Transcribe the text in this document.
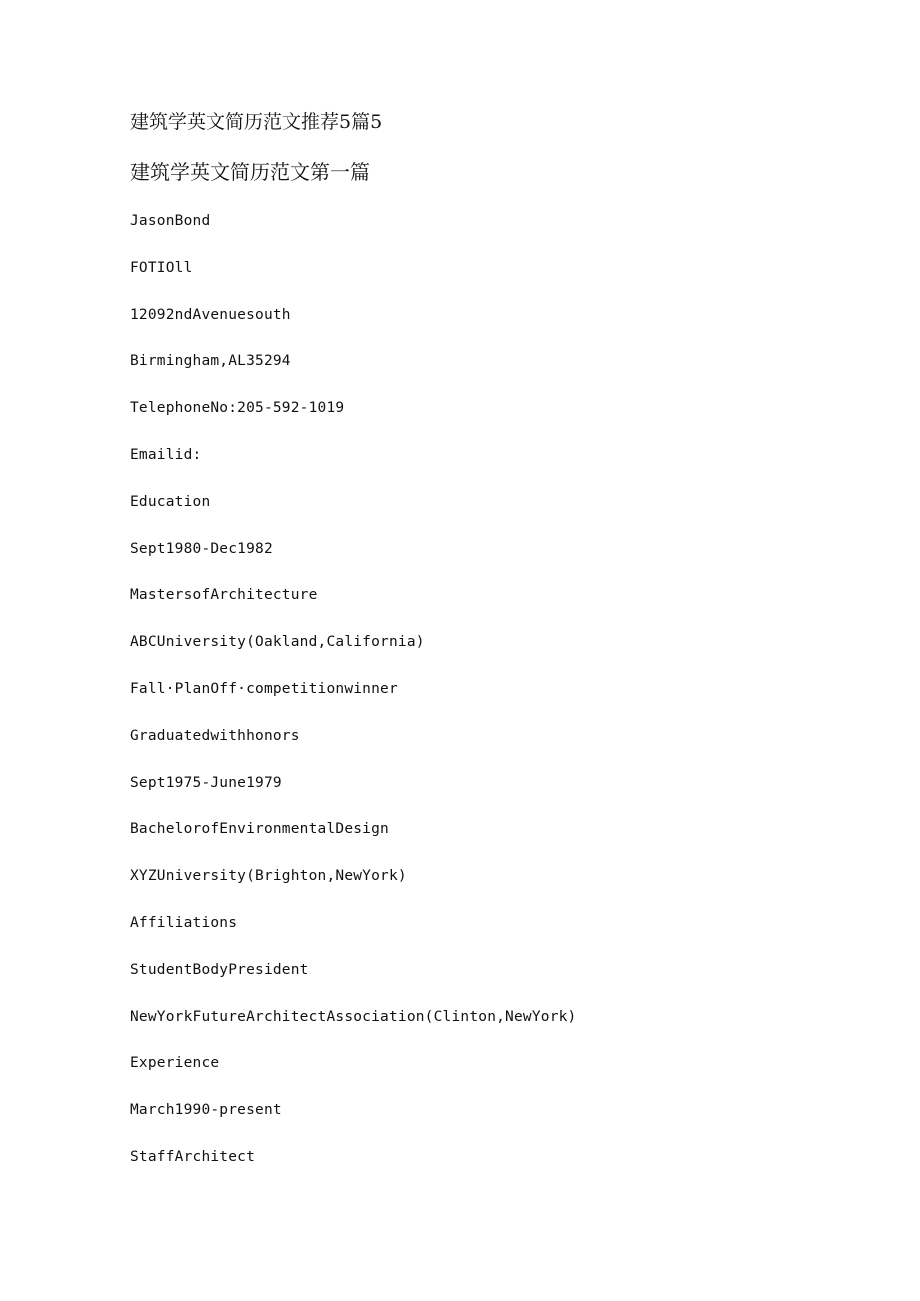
建筑学英文简历范文推荐5篇5
建筑学英文简历范文第一篇
JasonBond
FOTIOll
12092ndAvenuesouth
Birmingham,AL35294
TelephoneNo:205-592-1019
Emailid:
Education
Sept1980-Dec1982
MastersofArchitecture
ABCUniversity(Oakland,California)
Fall·PlanOff·competitionwinner
Graduatedwithhonors
Sept1975-June1979
BachelorofEnvironmentalDesign
XYZUniversity(Brighton,NewYork)
Affiliations
StudentBodyPresident
NewYorkFutureArchitectAssociation(Clinton,NewYork)
Experience
March1990-present
StaffArchitect
